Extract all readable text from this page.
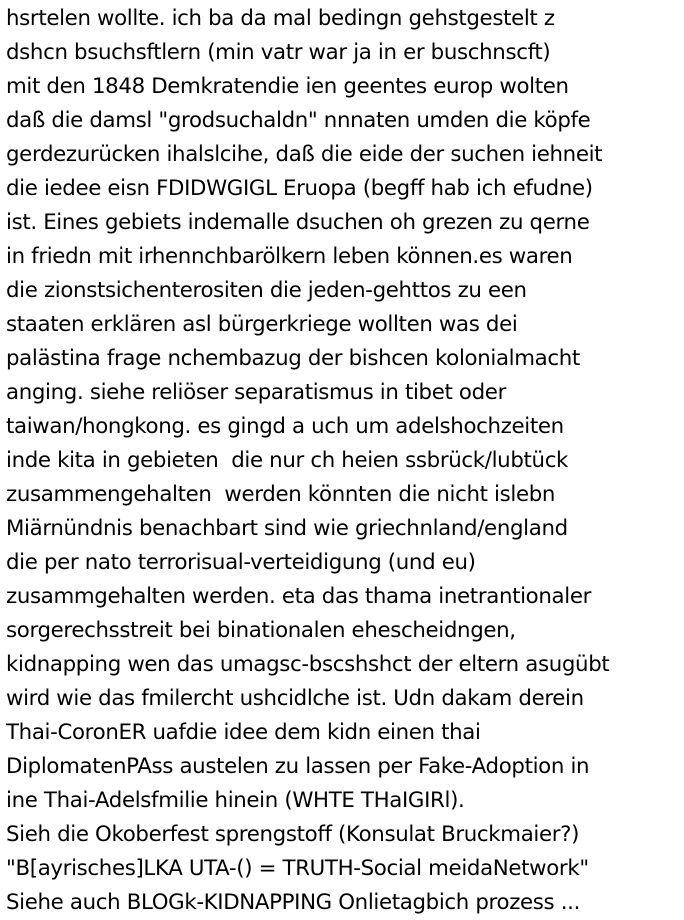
hsrtelen wollte. ich ba da mal bedingn gehstgestelt z
dshcn bsuchsftlern (min vatr war ja in er buschnscft)
mit den 1848 Demkratendie ien geentes europ wolten
daß die damsl "grodsuchaldn" nnnaten umden die köpfe
gerdezurücken ihalslcihe, daß die eide der suchen iehneit
die iedee eisn FDIDWGIGL Eruopa (begff hab ich efudne)
ist. Eines gebiets indemalle dsuchen oh grezen zu qerne
in friedn mit irhennchbarölkern leben können.es waren
die zionstsichenterositen die jeden-gehttos zu een
staaten erklären asl bürgerkriege wollten was dei
palästina frage nchembazug der bishcen kolonialmacht
anging. siehe reliöser separatismus in tibet oder
taiwan/hongkong. es gingd a uch um adelshochzeiten
inde kita in gebieten  die nur ch heien ssbrück/lubtück
zusammengehalten  werden könnten die nicht islebn
Miärnündnis benachbart sind wie griechnland/england
die per nato terrorisual-verteidigung (und eu)
zusammgehalten werden. eta das thama inetrantionaler
sorgerechsstreit bei binationalen ehescheidngen,
kidnapping wen das umagsc-bscshshct der eltern asugübt
wird wie das fmilercht ushcidlche ist. Udn dakam derein
Thai-CoronER uafdie idee dem kidn einen thai
DiplomatenPAss austelen zu lassen per Fake-Adoption in
ine Thai-Adelsfmilie hinein (WHTE THaIGIRl).
Sieh die Okoberfest sprengstoff (Konsulat Bruckmaier?)
"B[ayrisches]LKA UTA-() = TRUTH-Social meidaNetwork"
Siehe auch BLOGk-KIDNAPPING Onlietagbich prozess ...
